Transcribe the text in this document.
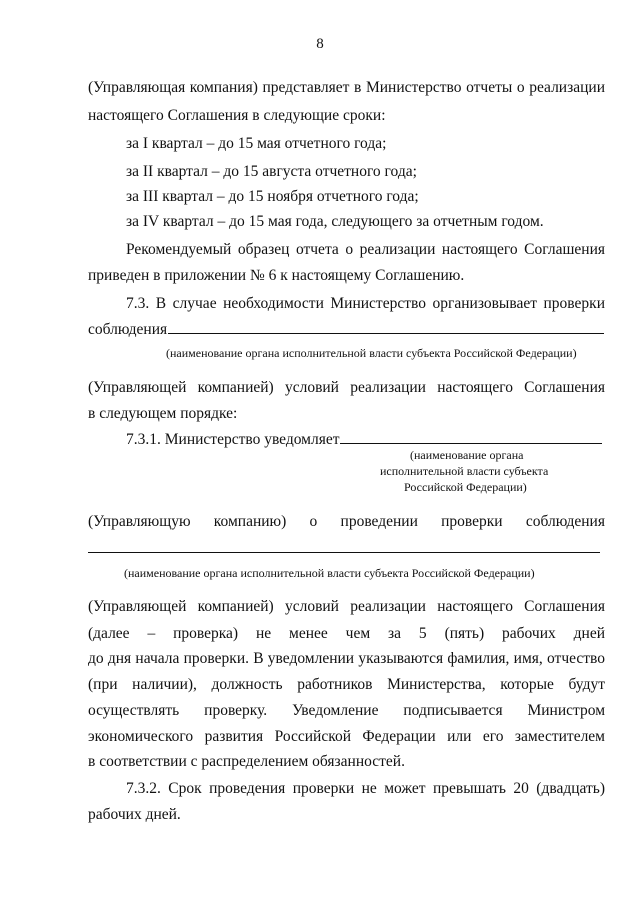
8
(Управляющая компания) представляет в Министерство отчеты о реализации
настоящего Соглашения в следующие сроки:
за I квартал – до 15 мая отчетного года;
за II квартал – до 15 августа отчетного года;
за III квартал – до 15 ноября отчетного года;
за IV квартал – до 15 мая года, следующего за отчетным годом.
Рекомендуемый образец отчета о реализации настоящего Соглашения
приведен в приложении № 6 к настоящему Соглашению.
7.3. В случае необходимости Министерство организовывает проверки
соблюдения
(наименование органа исполнительной власти субъекта Российской Федерации)
(Управляющей компанией) условий реализации настоящего Соглашения
в следующем порядке:
7.3.1. Министерство уведомляет
(наименование органа
исполнительной власти субъекта
Российской Федерации)
(Управляющую компанию) о проведении проверки соблюдения
(наименование органа исполнительной власти субъекта Российской Федерации)
(Управляющей компанией) условий реализации настоящего Соглашения
(далее – проверка) не менее чем за 5 (пять) рабочих дней
до дня начала проверки. В уведомлении указываются фамилия, имя, отчество
(при наличии), должность работников Министерства, которые будут
осуществлять проверку. Уведомление подписывается Министром
экономического развития Российской Федерации или его заместителем
в соответствии с распределением обязанностей.
7.3.2. Срок проведения проверки не может превышать 20 (двадцать)
рабочих дней.
